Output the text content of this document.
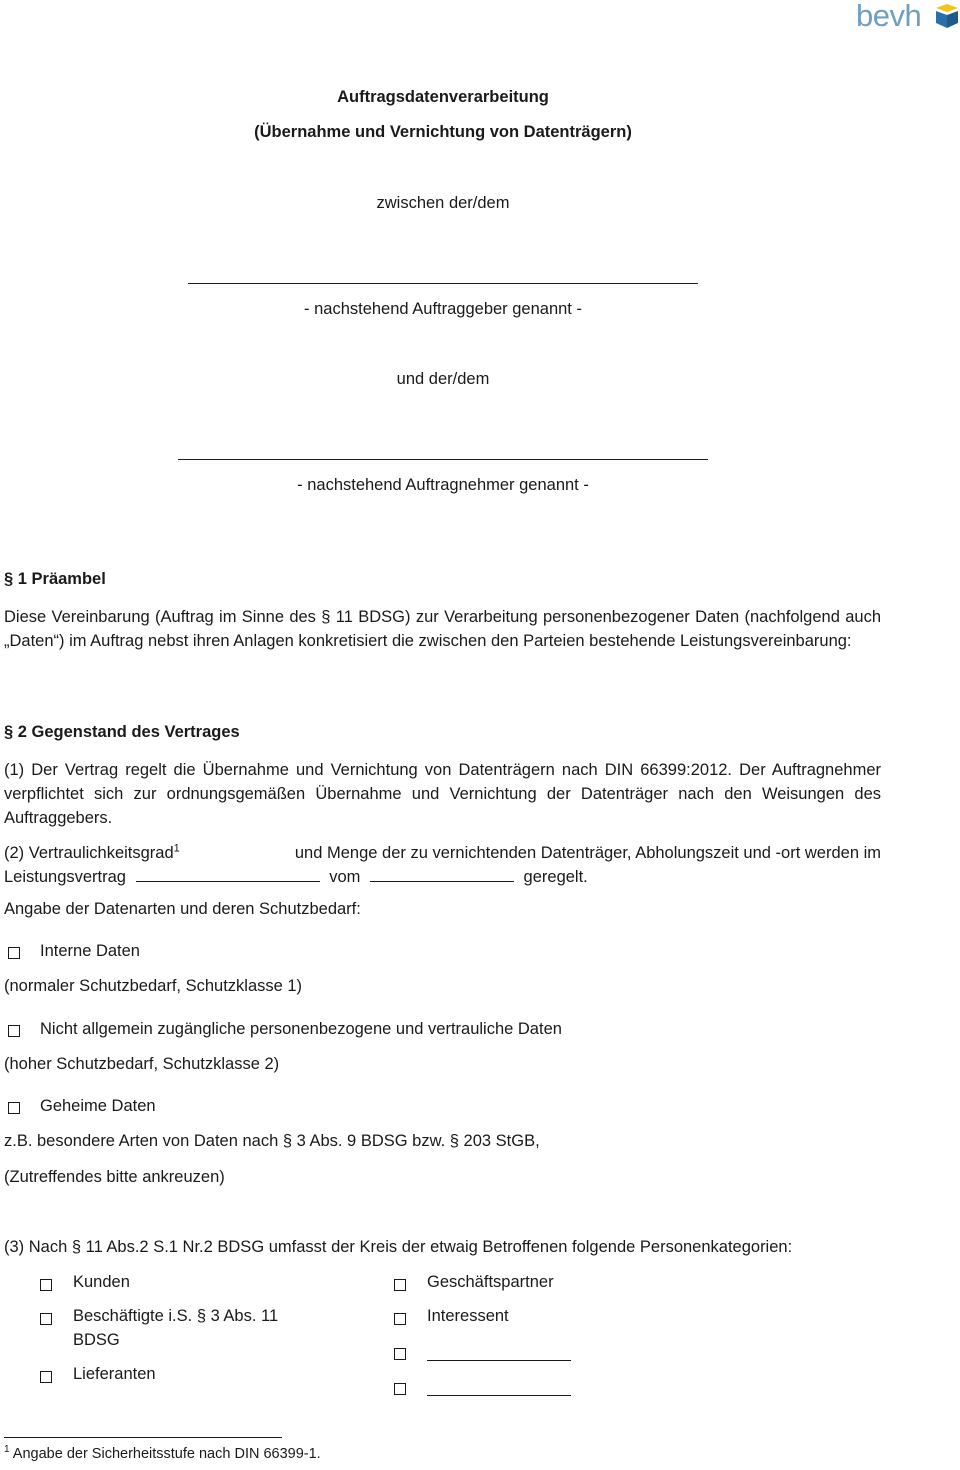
bevh
Auftragsdatenverarbeitung
(Übernahme und Vernichtung von Datenträgern)
zwischen der/dem
- nachstehend Auftraggeber genannt -
und der/dem
- nachstehend Auftragnehmer genannt -
§ 1 Präambel
Diese Vereinbarung (Auftrag im Sinne des § 11 BDSG) zur Verarbeitung personenbezogener Daten (nachfolgend auch „Daten“) im Auftrag nebst ihren Anlagen konkretisiert die zwischen den Parteien bestehende Leistungsvereinbarung:
§ 2 Gegenstand des Vertrages
(1) Der Vertrag regelt die Übernahme und Vernichtung von Datenträgern nach DIN 66399:2012. Der Auftragnehmer verpflichtet sich zur ordnungsgemäßen Übernahme und Vernichtung der Datenträger nach den Weisungen des Auftraggebers.
(2) Vertraulichkeitsgrad$^1$	und Menge der zu vernichtenden Datenträger, Abholungszeit und -ort werden im
Leistungsvertrag	vom	geregelt.
Angabe der Datenarten und deren Schutzbedarf:
Interne Daten
(normaler Schutzbedarf, Schutzklasse 1)
Nicht allgemein zugängliche personenbezogene und vertrauliche Daten
(hoher Schutzbedarf, Schutzklasse 2)
Geheime Daten
z.B. besondere Arten von Daten nach § 3 Abs. 9 BDSG bzw. § 203 StGB,
(Zutreffendes bitte ankreuzen)
(3) Nach § 11 Abs.2 S.1 Nr.2 BDSG umfasst der Kreis der etwaig Betroffenen folgende Personenkategorien:
Kunden
Beschäftigte i.S. § 3 Abs. 11
BDSG
Lieferanten
Geschäftspartner
Interessent
$^1$ Angabe der Sicherheitsstufe nach DIN 66399-1.
